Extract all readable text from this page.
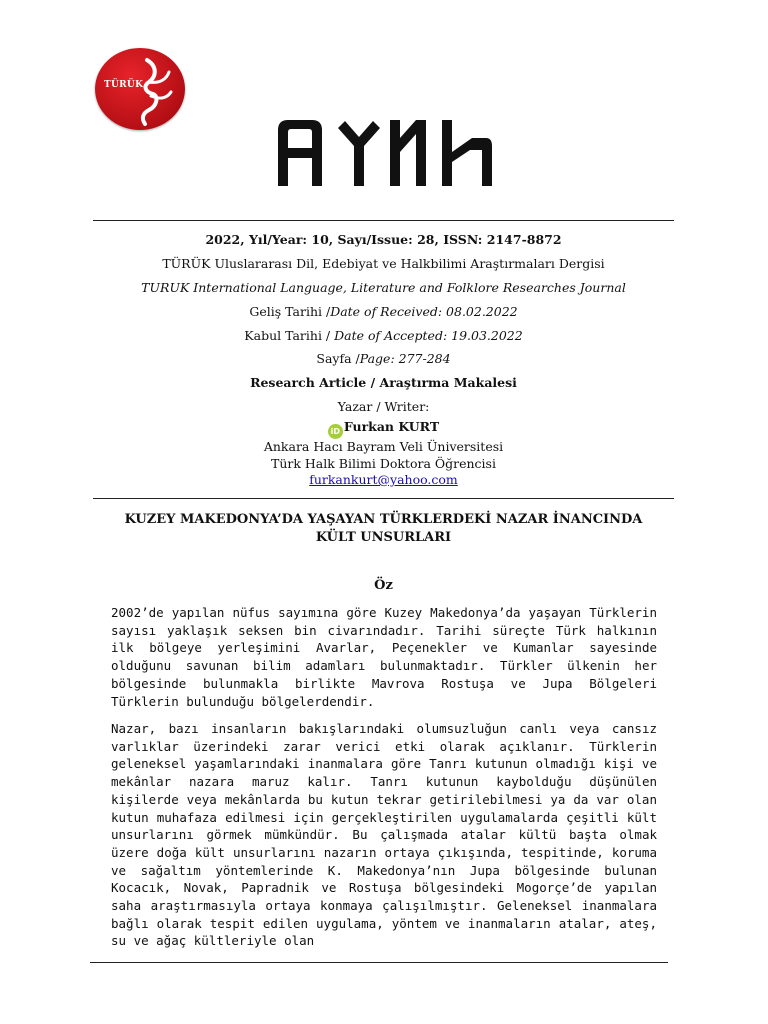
TÜRÜK
2022, Yıl/Year: 10, Sayı/Issue: 28, ISSN: 2147-8872
TÜRÜK Uluslararası Dil, Edebiyat ve Halkbilimi Araştırmaları Dergisi
TURUK International Language, Literature and Folklore Researches Journal
Geliş Tarihi /Date of Received: 08.02.2022
Kabul Tarihi / Date of Accepted: 19.03.2022
Sayfa /Page: 277-284
Research Article / Araştırma Makalesi
Yazar / Writer:
iD Furkan KURT
Ankara Hacı Bayram Veli Üniversitesi
Türk Halk Bilimi Doktora Öğrencisi
furkankurt@yahoo.com
KUZEY MAKEDONYA’DA YAŞAYAN TÜRKLERDEKİ NAZAR İNANCINDA
KÜLT UNSURLARI
Öz

2002’de yapılan nüfus sayımına göre Kuzey Makedonya’da yaşayan Türklerin sayısı yaklaşık seksen bin civarındadır. Tarihi süreçte Türk halkının ilk bölgeye yerleşimini Avarlar, Peçenekler ve Kumanlar sayesinde olduğunu savunan bilim adamları bulunmaktadır. Türkler ülkenin her bölgesinde bulunmakla birlikte Mavrova Rostuşa ve Jupa Bölgeleri Türklerin bulunduğu bölgelerdendir.

Nazar, bazı insanların bakışlarındaki olumsuzluğun canlı veya cansız varlıklar üzerindeki zarar verici etki olarak açıklanır. Türklerin geleneksel yaşamlarındaki inanmalara göre Tanrı kutunun olmadığı kişi ve mekânlar nazara maruz kalır. Tanrı kutunun kaybolduğu düşünülen kişilerde veya mekânlarda bu kutun tekrar getirilebilmesi ya da var olan kutun muhafaza edilmesi için gerçekleştirilen uygulamalarda çeşitli kült unsurlarını görmek mümkündür. Bu çalışmada atalar kültü başta olmak üzere doğa kült unsurlarını nazarın ortaya çıkışında, tespitinde, koruma ve sağaltım yöntemlerinde K. Makedonya’nın Jupa bölgesinde bulunan Kocacık, Novak, Papradnik ve Rostuşa bölgesindeki Mogorçe’de yapılan saha araştırmasıyla ortaya konmaya çalışılmıştır. Geleneksel inanmalara bağlı olarak tespit edilen uygulama, yöntem ve inanmaların atalar, ateş, su ve ağaç kültleriyle olan
